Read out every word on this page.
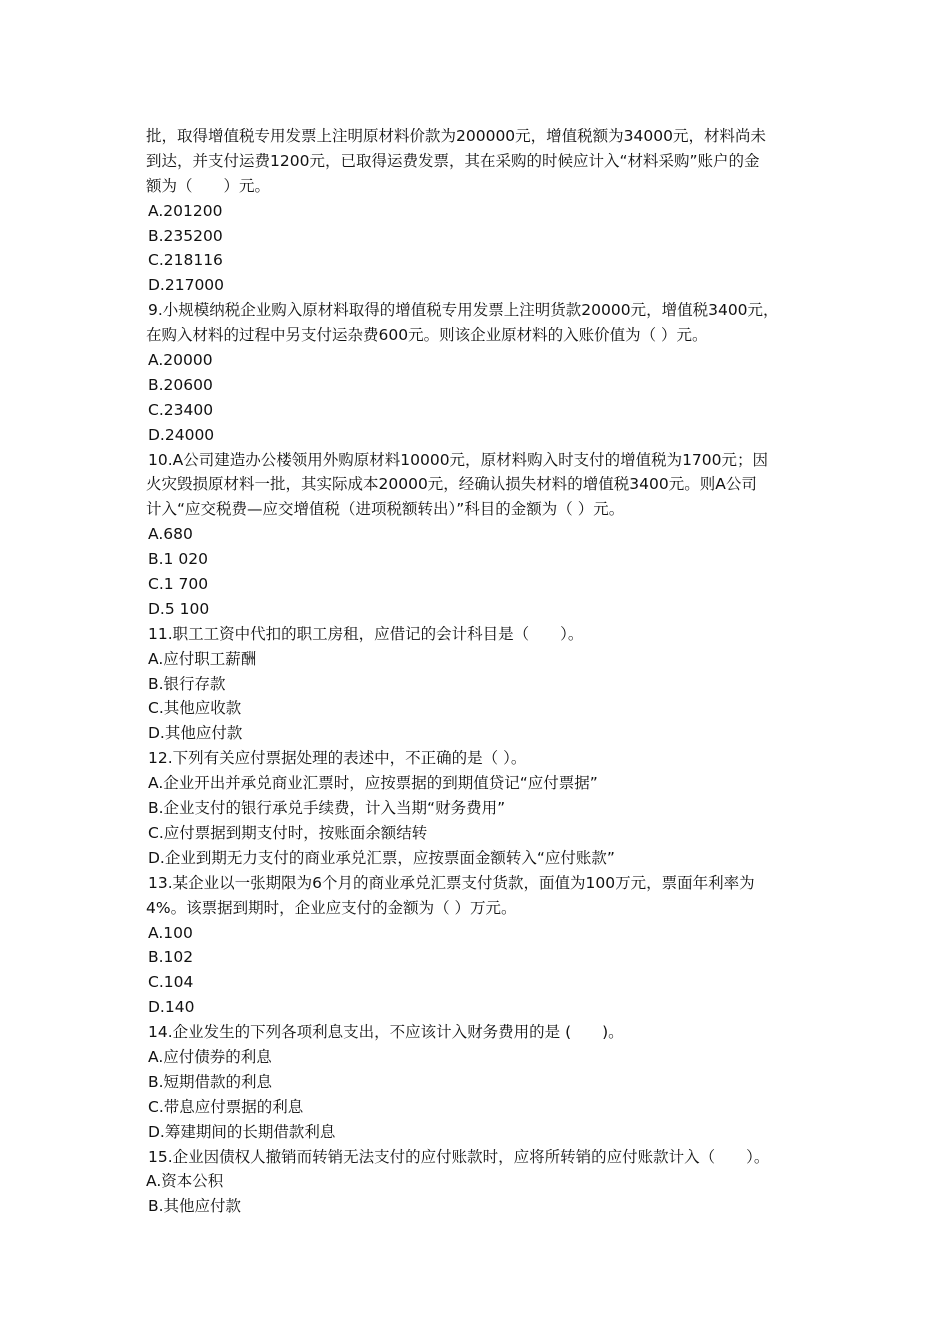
批，取得增值税专用发票上注明原材料价款为200000元，增值税额为34000元，材料尚未
到达，并支付运费1200元，已取得运费发票，其在采购的时候应计入“材料采购”账户的金
额为（　　）元。
A.201200
B.235200
C.218116
D.217000
9.小规模纳税企业购入原材料取得的增值税专用发票上注明货款20000元，增值税3400元，
在购入材料的过程中另支付运杂费600元。则该企业原材料的入账价值为（ ）元。
A.20000
B.20600
C.23400
D.24000
10.A公司建造办公楼领用外购原材料10000元，原材料购入时支付的增值税为1700元；因
火灾毁损原材料一批，其实际成本20000元，经确认损失材料的增值税3400元。则A公司
计入“应交税费—应交增值税（进项税额转出）”科目的金额为（ ）元。
A.680
B.1 020
C.1 700
D.5 100
11.职工工资中代扣的职工房租，应借记的会计科目是（　　）。
A.应付职工薪酬
B.银行存款
C.其他应收款
D.其他应付款
12.下列有关应付票据处理的表述中，不正确的是（ ）。
A.企业开出并承兑商业汇票时，应按票据的到期值贷记“应付票据”
B.企业支付的银行承兑手续费，计入当期“财务费用”
C.应付票据到期支付时，按账面余额结转
D.企业到期无力支付的商业承兑汇票，应按票面金额转入“应付账款”
13.某企业以一张期限为6个月的商业承兑汇票支付货款，面值为100万元，票面年利率为
4%。该票据到期时，企业应支付的金额为（ ）万元。
A.100
B.102
C.104
D.140
14.企业发生的下列各项利息支出，不应该计入财务费用的是 (　　)。
A.应付债券的利息
B.短期借款的利息
C.带息应付票据的利息
D.筹建期间的长期借款利息
15.企业因债权人撤销而转销无法支付的应付账款时，应将所转销的应付账款计入（　　）。
A.资本公积
B.其他应付款
